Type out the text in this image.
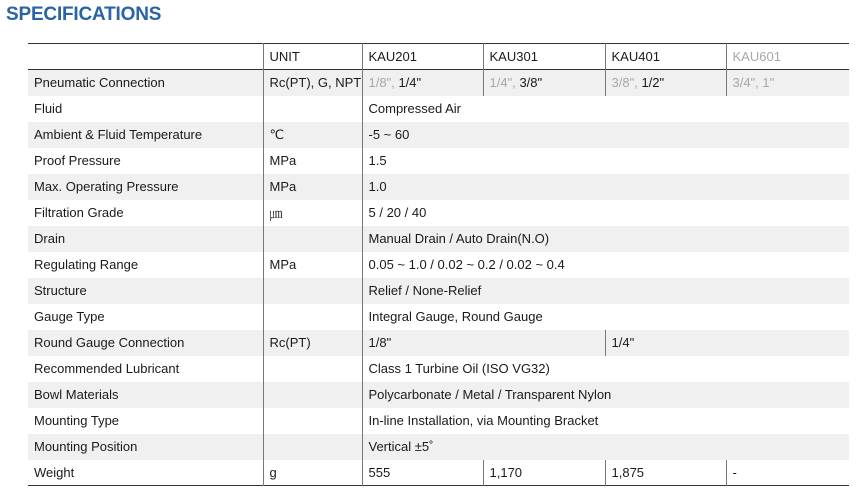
SPECIFICATIONS
	UNIT	KAU201	KAU301	KAU401	KAU601
Pneumatic Connection	Rc(PT), G, NPT	1/8", 1/4"	1/4", 3/8"	3/8", 1/2"	3/4", 1"
Fluid		Compressed Air			
Ambient & Fluid Temperature	℃	-5 ~ 60			
Proof Pressure	MPa	1.5			
Max. Operating Pressure	MPa	1.0			
Filtration Grade	㎛	5 / 20 / 40			
Drain		Manual Drain / Auto Drain(N.O)			
Regulating Range	MPa	0.05 ~ 1.0 / 0.02 ~ 0.2 / 0.02 ~ 0.4			
Structure		Relief / None-Relief			
Gauge Type		Integral Gauge, Round Gauge			
Round Gauge Connection	Rc(PT)	1/8"		1/4"	
Recommended Lubricant		Class 1 Turbine Oil (ISO VG32)			
Bowl Materials		Polycarbonate / Metal / Transparent Nylon			
Mounting Type		In-line Installation, via Mounting Bracket			
Mounting Position		Vertical ±5˚			
Weight	g	555	1,170	1,875	-
